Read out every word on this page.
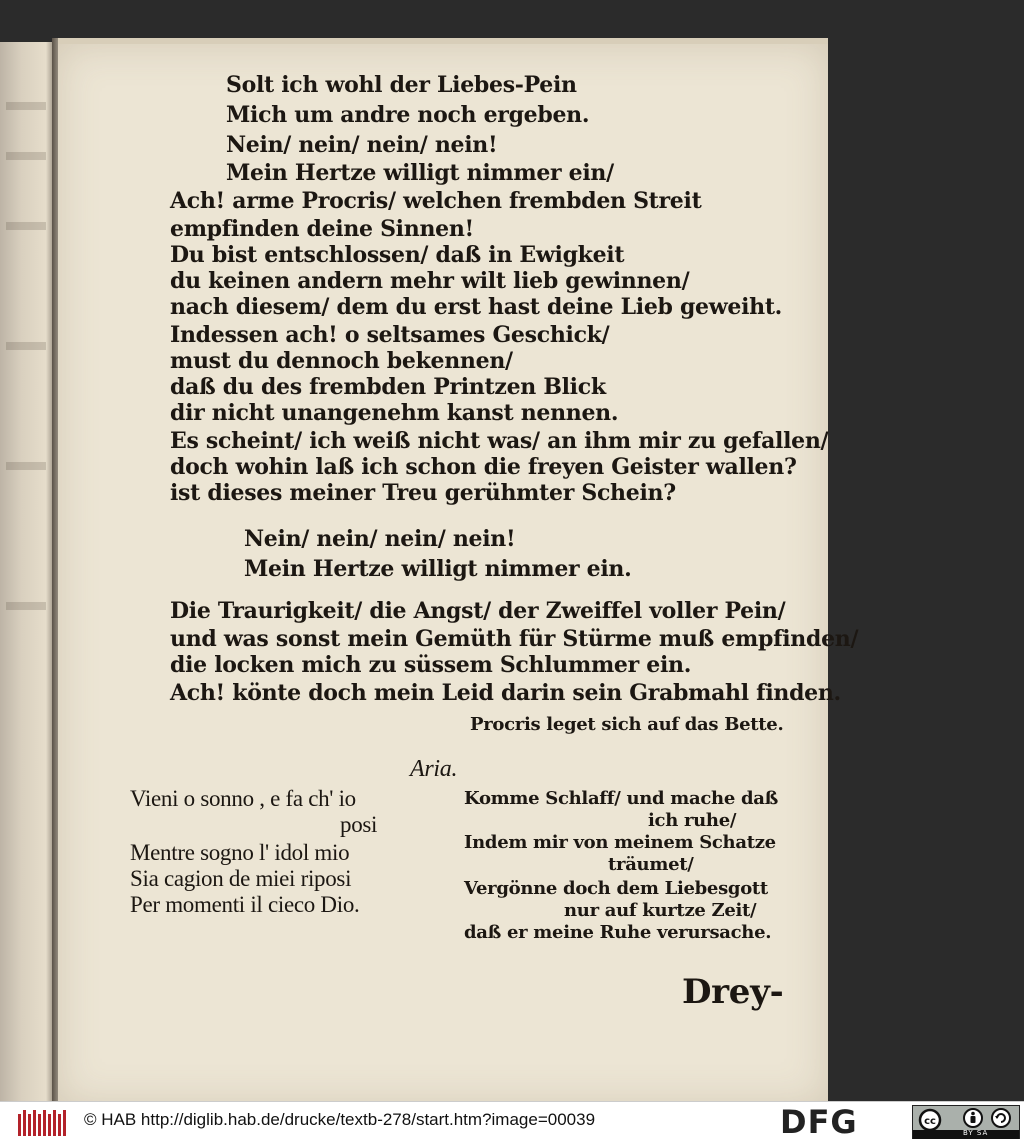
Solt ich wohl der Liebes-Pein
Mich um andre noch ergeben.
Nein/ nein/ nein/ nein!
Mein Hertze willigt nimmer ein/
Ach! arme Procris/ welchen frembden Streit
empfinden deine Sinnen!
Du bist entschlossen/ daß in Ewigkeit
du keinen andern mehr wilt lieb gewinnen/
nach diesem/ dem du erst hast deine Lieb geweiht.
Indessen ach! o seltsames Geschick/
must du dennoch bekennen/
daß du des frembden Printzen Blick
dir nicht unangenehm kanst nennen.
Es scheint/ ich weiß nicht was/ an ihm mir zu gefallen/
doch wohin laß ich schon die freyen Geister wallen?
ist dieses meiner Treu gerühmter Schein?
Nein/ nein/ nein/ nein!
Mein Hertze willigt nimmer ein.
Die Traurigkeit/ die Angst/ der Zweiffel voller Pein/
und was sonst mein Gemüth für Stürme muß empfinden/
die locken mich zu süssem Schlummer ein.
Ach! könte doch mein Leid darin sein Grabmahl finden.
Procris leget sich auf das Bette.
Aria.
Vieni o sonno , e fa ch' io
posi
Mentre sogno l' idol mio
Sia cagion de miei riposi
Per momenti il cieco Dio.
Komme Schlaff/ und mache daß
ich ruhe/
Indem mir von meinem Schatze
träumet/
Vergönne doch dem Liebesgott
nur auf kurtze Zeit/
daß er meine Ruhe verursache.
Drey-
© HAB http://diglib.hab.de/drucke/textb-278/start.htm?image=00039	DFG	cc
BY SA
